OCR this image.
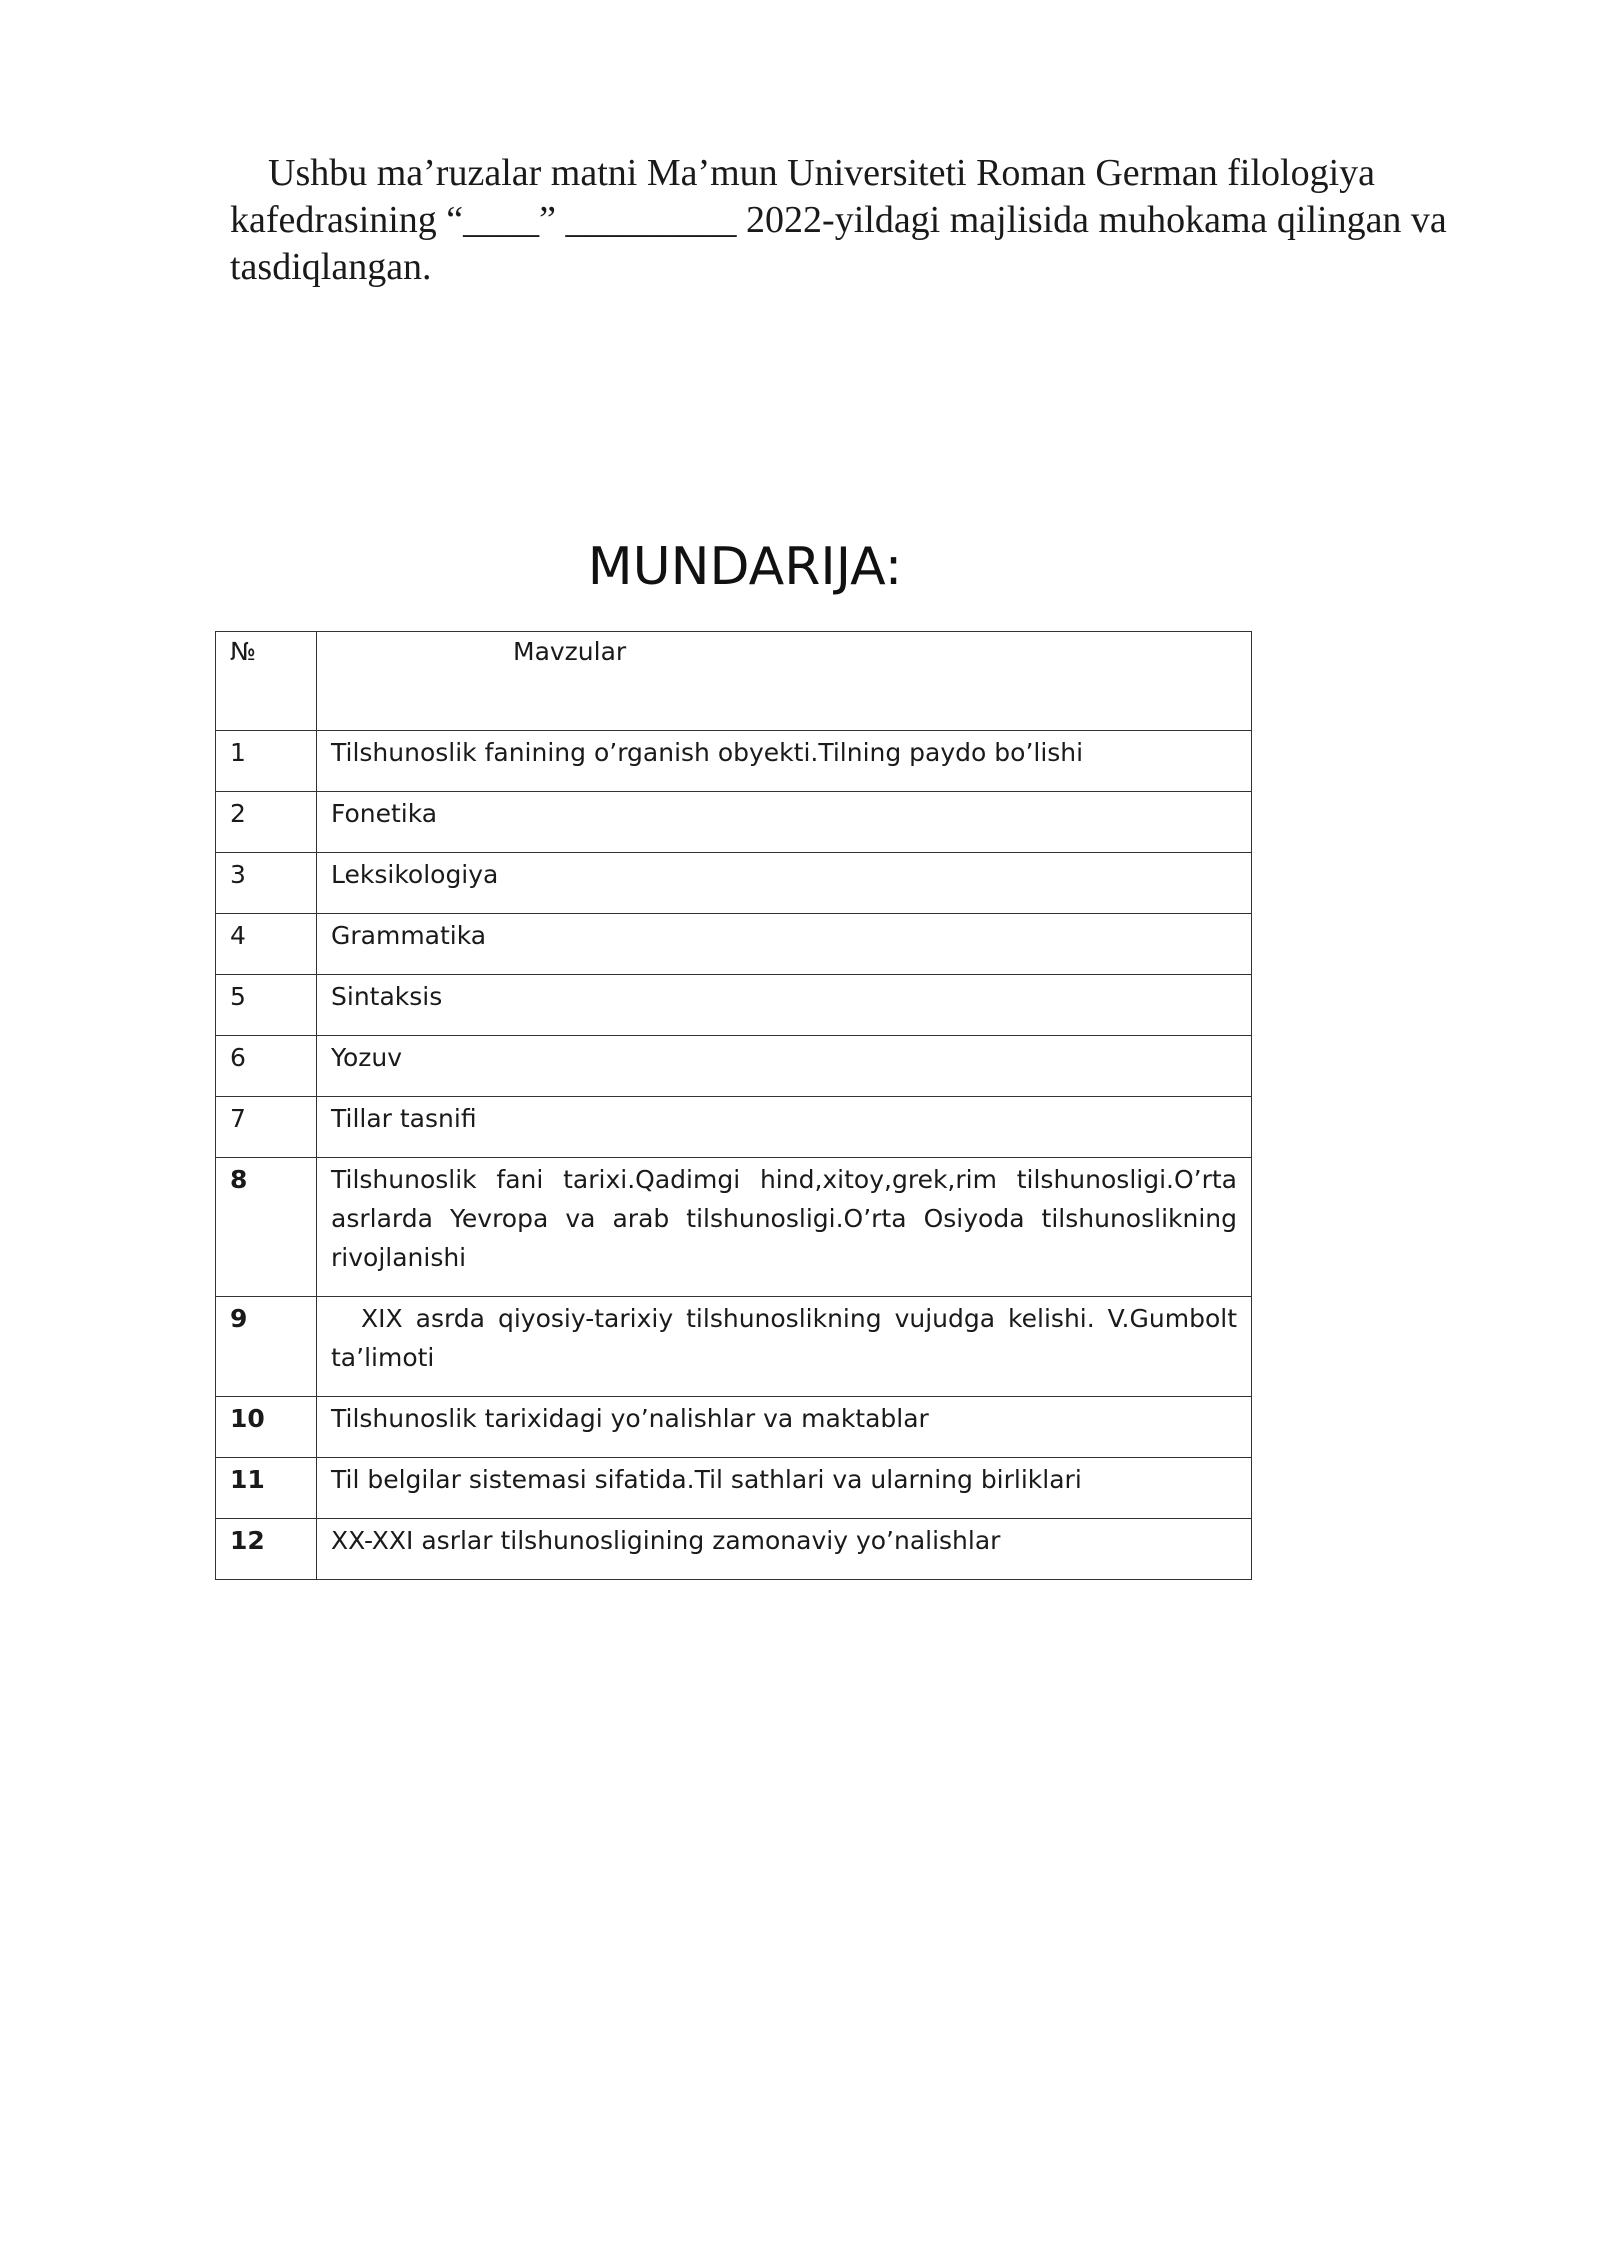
Ushbu ma’ruzalar matni Ma’mun Universiteti Roman German filologiya kafedrasining “____” _________ 2022-yildagi majlisida muhokama qilingan va tasdiqlangan.

MUNDARIJA:
№	Mavzular
1	Tilshunoslik fanining o’rganish obyekti.Tilning paydo bo’lishi
2	Fonetika
3	Leksikologiya
4	Grammatika
5	Sintaksis
6	Yozuv
7	Tillar tasnifi
8	Tilshunoslik fani tarixi.Qadimgi hind,xitoy,grek,rim tilshunosligi.O’rta asrlarda Yevropa va arab tilshunosligi.O’rta Osiyoda tilshunoslikning rivojlanishi
9	XIX asrda qiyosiy-tarixiy tilshunoslikning vujudga kelishi. V.Gumbolt ta’limoti
10	Tilshunoslik tarixidagi yo’nalishlar va maktablar
11	Til belgilar sistemasi sifatida.Til sathlari va ularning birliklari
12	XX-XXI asrlar tilshunosligining zamonaviy yo’nalishlar
